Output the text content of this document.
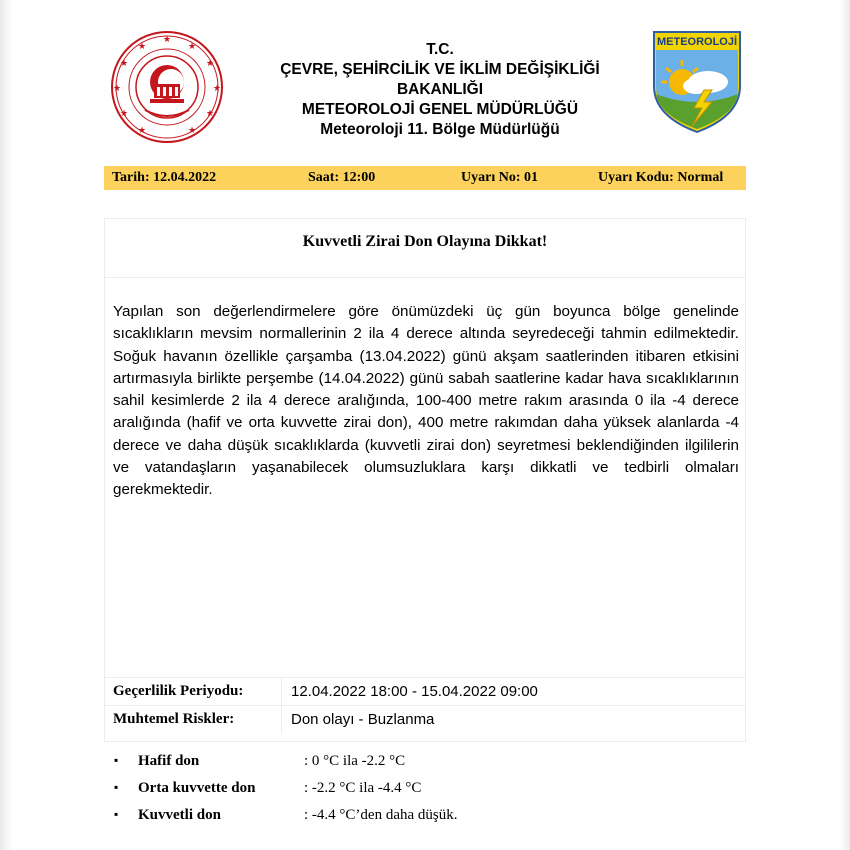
★
★
★
★
★
★
★
★
★
★
★	T.C.
ÇEVRE, ŞEHİRCİLİK VE İKLİM DEĞİŞİKLİĞİ
BAKANLIĞI
METEOROLOJİ GENEL MÜDÜRLÜĞÜ
Meteoroloji 11. Bölge Müdürlüğü
METEOROLOJİ
Tarih: 12.04.2022	Saat: 12:00	Uyarı No: 01	Uyarı Kodu: Normal
Kuvvetli Zirai Don Olayına Dikkat!
Yapılan son değerlendirmelere göre önümüzdeki üç gün boyunca bölge genelinde sıcaklıkların mevsim normallerinin 2 ila 4 derece altında seyredeceği tahmin edilmektedir. Soğuk havanın özellikle çarşamba (13.04.2022) günü akşam saatlerinden itibaren etkisini artırmasıyla birlikte perşembe (14.04.2022) günü sabah saatlerine kadar hava sıcaklıklarının sahil kesimlerde 2 ila 4 derece aralığında, 100-400 metre rakım arasında 0 ila -4 derece aralığında (hafif ve orta kuvvette zirai don), 400 metre rakımdan daha yüksek alanlarda -4 derece ve daha düşük sıcaklıklarda (kuvvetli zirai don) seyretmesi beklendiğinden ilgililerin ve vatandaşların yaşanabilecek olumsuzluklara karşı dikkatli ve tedbirli olmaları gerekmektedir.
Geçerlilik Periyodu:	12.04.2022 18:00 - 15.04.2022 09:00
Muhtemel Riskler:	Don olayı - Buzlanma
▪ Hafif don	: 0 °C ila -2.2 °C
▪ Orta kuvvette don	: -2.2 °C ila -4.4 °C
▪ Kuvvetli don	: -4.4 °C’den daha düşük.
